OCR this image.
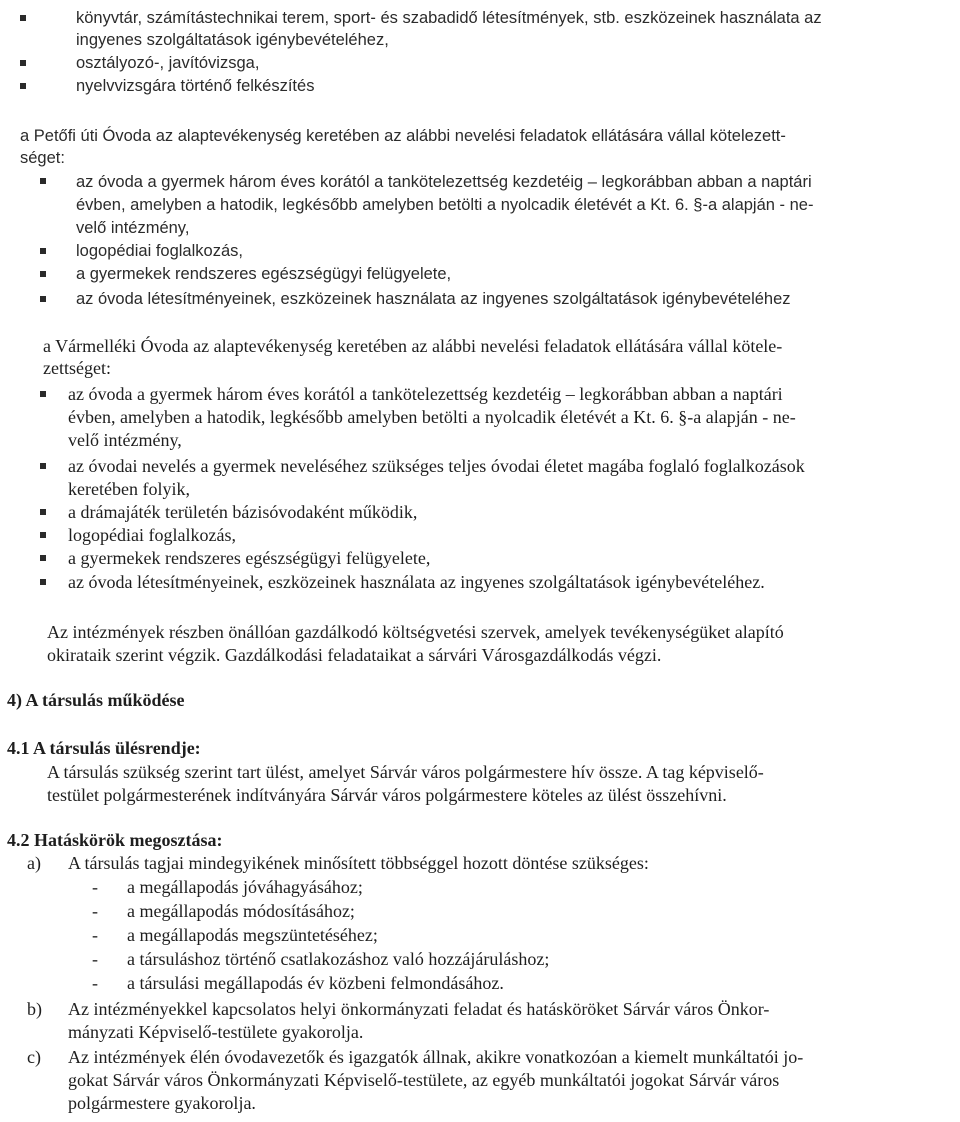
könyvtár, számítástechnikai terem, sport- és szabadidő létesítmények, stb. eszközeinek használata az
ingyenes szolgáltatások igénybevételéhez,
osztályozó-, javítóvizsga,
nyelvvizsgára történő felkészítés
a Petőfi úti Óvoda az alaptevékenység keretében az alábbi nevelési feladatok ellátására vállal kötelezett-
séget:
az óvoda a gyermek három éves korától a tankötelezettség kezdetéig – legkorábban abban a naptári
évben, amelyben a hatodik, legkésőbb amelyben betölti a nyolcadik életévét a Kt. 6. §-a alapján - ne-
velő intézmény,
logopédiai foglalkozás,
a gyermekek rendszeres egészségügyi felügyelete,
az óvoda létesítményeinek, eszközeinek használata az ingyenes szolgáltatások igénybevételéhez
a Vármelléki Óvoda az alaptevékenység keretében az alábbi nevelési feladatok ellátására vállal kötele-
zettséget:
az óvoda a gyermek három éves korától a tankötelezettség kezdetéig – legkorábban abban a naptári
évben, amelyben a hatodik, legkésőbb amelyben betölti a nyolcadik életévét a Kt. 6. §-a alapján - ne-
velő intézmény,
az óvodai nevelés a gyermek neveléséhez szükséges teljes óvodai életet magába foglaló foglalkozások
keretében folyik,
a drámajáték területén bázisóvodaként működik,
logopédiai foglalkozás,
a gyermekek rendszeres egészségügyi felügyelete,
az óvoda létesítményeinek, eszközeinek használata az ingyenes szolgáltatások igénybevételéhez.
Az intézmények részben önállóan gazdálkodó költségvetési szervek, amelyek tevékenységüket alapító
okirataik szerint végzik. Gazdálkodási feladataikat a sárvári Városgazdálkodás végzi.
4) A társulás működése
4.1 A társulás ülésrendje:
A társulás szükség szerint tart ülést, amelyet Sárvár város polgármestere hív össze. A tag képviselő-
testület polgármesterének indítványára Sárvár város polgármestere köteles az ülést összehívni.
4.2 Hatáskörök megosztása:
a) A társulás tagjai mindegyikének minősített többséggel hozott döntése szükséges:
- a megállapodás jóváhagyásához;
- a megállapodás módosításához;
- a megállapodás megszüntetéséhez;
- a társuláshoz történő csatlakozáshoz való hozzájáruláshoz;
- a társulási megállapodás év közbeni felmondásához.
b) Az intézményekkel kapcsolatos helyi önkormányzati feladat és hatásköröket Sárvár város Önkor-
mányzati Képviselő-testülete gyakorolja.
c) Az intézmények élén óvodavezetők és igazgatók állnak, akikre vonatkozóan a kiemelt munkáltatói jo-
gokat Sárvár város Önkormányzati Képviselő-testülete, az egyéb munkáltatói jogokat Sárvár város
polgármestere gyakorolja.
